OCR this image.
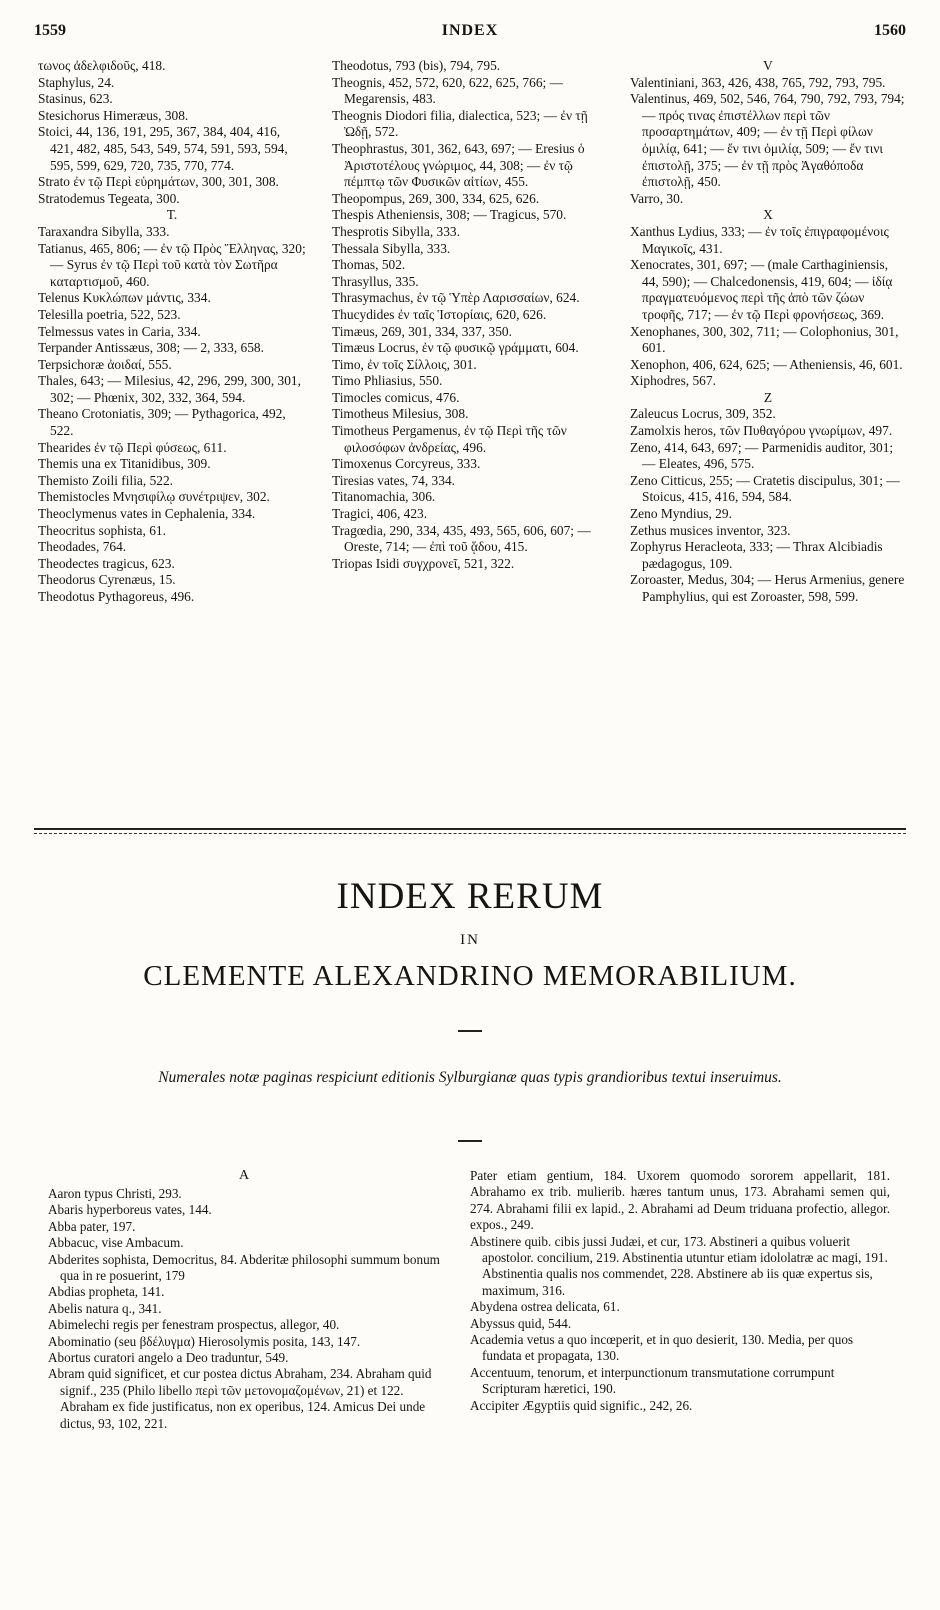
1559	INDEX	1560

τωνος ἀδελφιδοῦς, 418.

Staphylus, 24.

Stasinus, 623.

Stesichorus Himeræus, 308.

Stoici, 44, 136, 191, 295, 367, 384, 404, 416, 421, 482, 485, 543, 549, 574, 591, 593, 594, 595, 599, 629, 720, 735, 770, 774.

Strato ἐν τῷ Περὶ εὑρημάτων, 300, 301, 308.

Stratodemus Tegeata, 300.

T.

Taraxandra Sibylla, 333.

Tatianus, 465, 806; — ἐν τῷ Πρὸς Ἕλληνας, 320; — Syrus ἐν τῷ Περὶ τοῦ κατὰ τὸν Σωτῆρα καταρτισμοῦ, 460.

Telenus Κυκλώπων μάντις, 334.

Telesilla poetria, 522, 523.

Telmessus vates in Caria, 334.

Terpander Antissæus, 308; — 2, 333, 658.

Terpsichoræ ἀοιδαί, 555.

Thales, 643; — Milesius, 42, 296, 299, 300, 301, 302; — Phœnix, 302, 332, 364, 594.

Theano Crotoniatis, 309; — Pythagorica, 492, 522.

Thearides ἐν τῷ Περὶ φύσεως, 611.

Themis una ex Titanidibus, 309.

Themisto Zoili filia, 522.

Themistocles Μνησιφίλῳ συνέτριψεν, 302.

Theoclymenus vates in Cephalenia, 334.

Theocritus sophista, 61.

Theodades, 764.

Theodectes tragicus, 623.

Theodorus Cyrenæus, 15.

Theodotus Pythagoreus, 496.

Theodotus, 793 (bis), 794, 795.

Theognis, 452, 572, 620, 622, 625, 766; — Megarensis, 483.

Theognis Diodori filia, dialectica, 523; — ἐν τῇ Ὠδῇ, 572.

Theophrastus, 301, 362, 643, 697; — Eresius ὁ Ἀριστοτέλους γνώριμος, 44, 308; — ἐν τῷ πέμπτῳ τῶν Φυσικῶν αἰτίων, 455.

Theopompus, 269, 300, 334, 625, 626.

Thespis Atheniensis, 308; — Tragicus, 570.

Thesprotis Sibylla, 333.

Thessala Sibylla, 333.

Thomas, 502.

Thrasyllus, 335.

Thrasymachus, ἐν τῷ Ὑπὲρ Λαρισσαίων, 624.

Thucydides ἐν ταῖς Ἱστορίαις, 620, 626.

Timæus, 269, 301, 334, 337, 350.

Timæus Locrus, ἐν τῷ φυσικῷ γράμματι, 604.

Timo, ἐν τοῖς Σίλλοις, 301.

Timo Phliasius, 550.

Timocles comicus, 476.

Timotheus Milesius, 308.

Timotheus Pergamenus, ἐν τῷ Περὶ τῆς τῶν φιλοσόφων ἀνδρείας, 496.

Timoxenus Corcyreus, 333.

Tiresias vates, 74, 334.

Titanomachia, 306.

Tragici, 406, 423.

Tragœdia, 290, 334, 435, 493, 565, 606, 607; — Oreste, 714; — ἐπὶ τοῦ ᾅδου, 415.

Triopas Isidi συγχρονεῖ, 521, 322.

V

Valentiniani, 363, 426, 438, 765, 792, 793, 795.

Valentinus, 469, 502, 546, 764, 790, 792, 793, 794; — πρός τινας ἐπιστέλλων περὶ τῶν προσαρτημάτων, 409; — ἐν τῇ Περὶ φίλων ὁμιλίᾳ, 641; — ἔν τινι ὁμιλίᾳ, 509; — ἔν τινι ἐπιστολῇ, 375; — ἐν τῇ πρὸς Ἀγαθόποδα ἐπιστολῇ, 450.

Varro, 30.

X

Xanthus Lydius, 333; — ἐν τοῖς ἐπιγραφομένοις Μαγικοῖς, 431.

Xenocrates, 301, 697; — (male Carthaginiensis, 44, 590); — Chalcedonensis, 419, 604; — ἰδίᾳ πραγματευόμενος περὶ τῆς ἀπὸ τῶν ζώων τροφῆς, 717; — ἐν τῷ Περὶ φρονήσεως, 369.

Xenophanes, 300, 302, 711; — Colophonius, 301, 601.

Xenophon, 406, 624, 625; — Atheniensis, 46, 601.

Xiphodres, 567.

Z

Zaleucus Locrus, 309, 352.

Zamolxis heros, τῶν Πυθαγόρου γνωρίμων, 497.

Zeno, 414, 643, 697; — Parmenidis auditor, 301; — Eleates, 496, 575.

Zeno Citticus, 255; — Cratetis discipulus, 301; — Stoicus, 415, 416, 594, 584.

Zeno Myndius, 29.

Zethus musices inventor, 323.

Zophyrus Heracleota, 333; — Thrax Alcibiadis pædagogus, 109.

Zoroaster, Medus, 304; — Herus Armenius, genere Pamphylius, qui est Zoroaster, 598, 599.

INDEX RERUM
IN
CLEMENTE ALEXANDRINO MEMORABILIUM.
Numerales notæ paginas respiciunt editionis Sylburgianæ quas typis grandioribus textui inseruimus.
A

Aaron typus Christi, 293.

Abaris hyperboreus vates, 144.

Abba pater, 197.

Abbacuc, vise Ambacum.

Abderites sophista, Democritus, 84. Abderitæ philosophi summum bonum qua in re posuerint, 179

Abdias propheta, 141.

Abelis natura q., 341.

Abimelechi regis per fenestram prospectus, allegor, 40.

Abominatio (seu βδέλυγμα) Hierosolymis posita, 143, 147.

Abortus curatori angelo a Deo traduntur, 549.

Abram quid significet, et cur postea dictus Abraham, 234. Abraham quid signif., 235 (Philo libello περὶ τῶν μετονομαζομένων, 21) et 122. Abraham ex fide justificatus, non ex operibus, 124. Amicus Dei unde dictus, 93, 102, 221.

Pater etiam gentium, 184. Uxorem quomodo sororem appellarit, 181. Abrahamo ex trib. mulierib. hæres tantum unus, 173. Abrahami semen qui, 274. Abrahami filii ex lapid., 2. Abrahami ad Deum triduana profectio, allegor. expos., 249.

Abstinere quib. cibis jussi Judæi, et cur, 173. Abstineri a quibus voluerit apostolor. concilium, 219. Abstinentia utuntur etiam idololatræ ac magi, 191. Abstinentia qualis nos commendet, 228. Abstinere ab iis quæ expertus sis, maximum, 316.

Abydena ostrea delicata, 61.

Abyssus quid, 544.

Academia vetus a quo incœperit, et in quo desierit, 130. Media, per quos fundata et propagata, 130.

Accentuum, tenorum, et interpunctionum transmutatione corrumpunt Scripturam hæretici, 190.

Accipiter Ægyptiis quid signific., 242, 26.
